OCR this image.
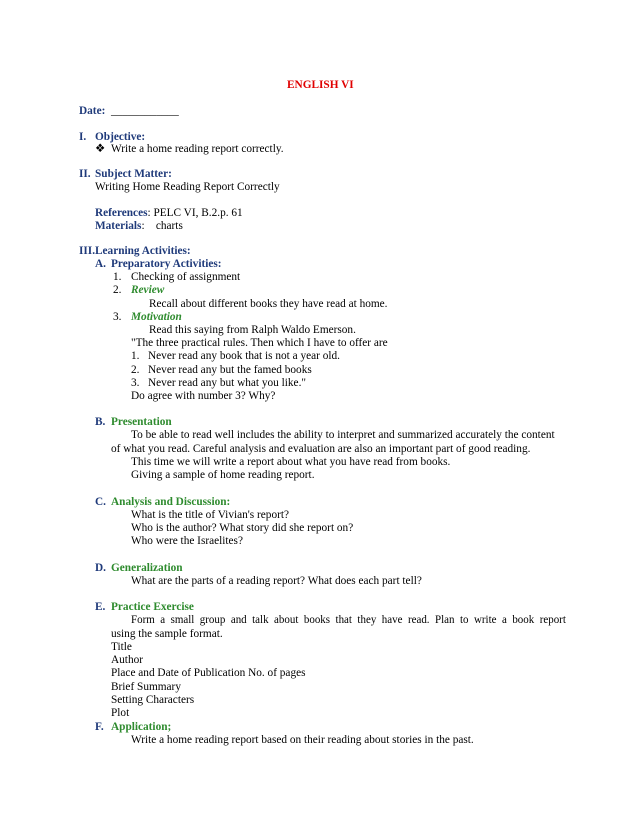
ENGLISH VI
Date: ____________
I. Objective:
❖ Write a home reading report correctly.
II. Subject Matter:
Writing Home Reading Report Correctly
References: PELC VI, B.2.p. 61
Materials:    charts
III. Learning Activities:
A. Preparatory Activities:
1. Checking of assignment
2. Review
Recall about different books they have read at home.
3. Motivation
Read this saying from Ralph Waldo Emerson.
"The three practical rules. Then which I have to offer are
1. Never read any book that is not a year old.
2. Never read any but the famed books
3. Never read any but what you like."
Do agree with number 3? Why?
B. Presentation
To be able to read well includes the ability to interpret and summarized accurately the content
of what you read. Careful analysis and evaluation are also an important part of good reading.
This time we will write a report about what you have read from books.
Giving a sample of home reading report.
C. Analysis and Discussion:
What is the title of Vivian's report?
Who is the author? What story did she report on?
Who were the Israelites?
D. Generalization
What are the parts of a reading report? What does each part tell?
E. Practice Exercise
Form  a  small  group  and  talk  about  books  that  they  have  read.  Plan  to  write  a  book  report
using the sample format.
Title
Author
Place and Date of Publication No. of pages
Brief Summary
Setting Characters
Plot
F. Application;
Write a home reading report based on their reading about stories in the past.
